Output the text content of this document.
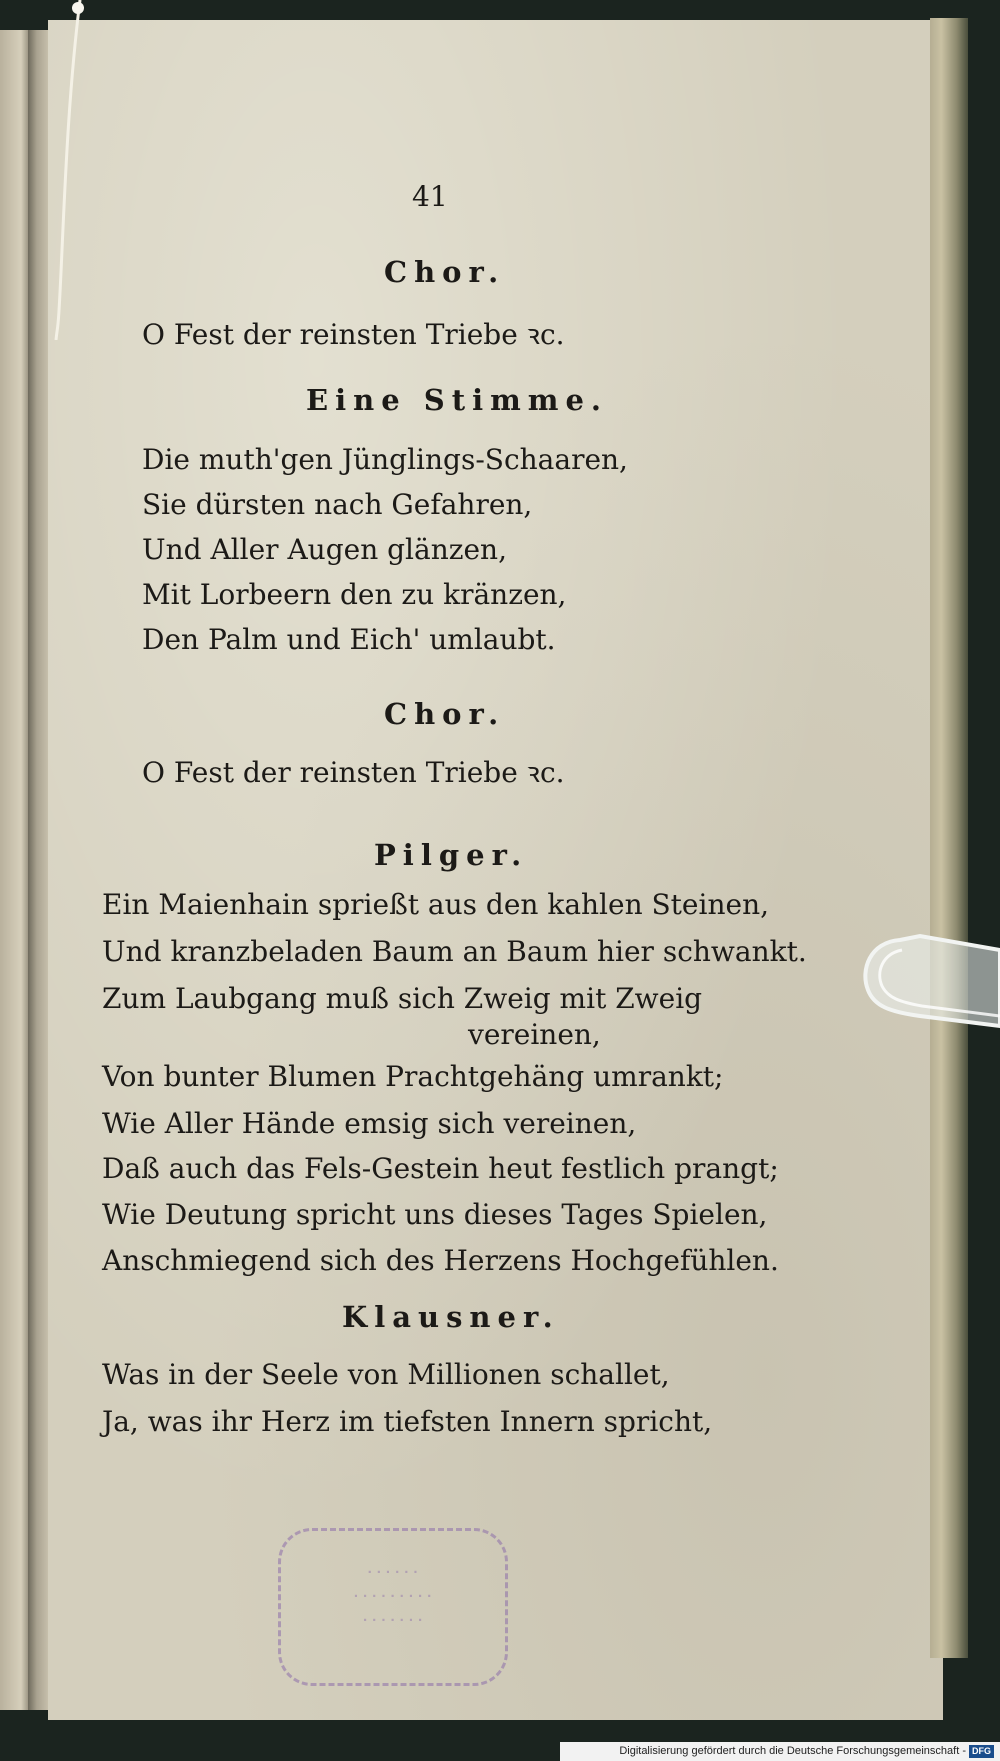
41
Chor.
O Fest der reinsten Triebe ꝛc.
Eine Stimme.
Die muth'gen Jünglings-Schaaren,
Sie dürsten nach Gefahren,
Und Aller Augen glänzen,
Mit Lorbeern den zu kränzen,
Den Palm und Eich' umlaubt.
Chor.
O Fest der reinsten Triebe ꝛc.
Pilger.
Ein Maienhain sprießt aus den kahlen Steinen,
Und kranzbeladen Baum an Baum hier schwankt.
Zum Laubgang muß sich Zweig mit Zweig
vereinen,
Von bunter Blumen Prachtgehäng umrankt;
Wie Aller Hände emsig sich vereinen,
Daß auch das Fels-Gestein heut festlich prangt;
Wie Deutung spricht uns dieses Tages Spielen,
Anschmiegend sich des Herzens Hochgefühlen.
Klausner.
Was in der Seele von Millionen schallet,
Ja, was ihr Herz im tiefsten Innern spricht,
· · · · · ·
· · · · · · · · ·
· · · · · · ·
Digitalisierung gefördert durch die Deutsche Forschungsgemeinschaft - DFG
